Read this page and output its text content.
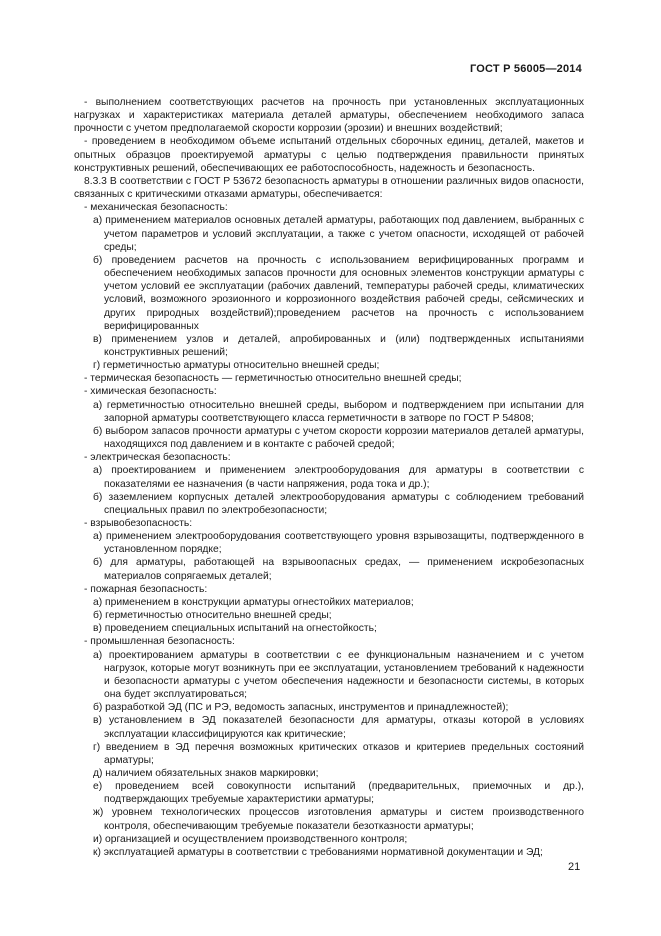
ГОСТ Р 56005—2014
- выполнением соответствующих расчетов на прочность при установленных эксплуатационных нагрузках и характеристиках материала деталей арматуры, обеспечением необходимого запаса прочности с учетом предполагаемой скорости коррозии (эрозии) и внешних воздействий;
- проведением в необходимом объеме испытаний отдельных сборочных единиц, деталей, макетов и опытных образцов проектируемой арматуры с целью подтверждения правильности принятых конструктивных решений, обеспечивающих ее работоспособность, надежность и безопасность.
8.3.3 В соответствии с ГОСТ Р 53672 безопасность арматуры в отношении различных видов опасности, связанных с критическими отказами арматуры, обеспечивается:
- механическая безопасность:
а) применением материалов основных деталей арматуры, работающих под давлением, выбранных с учетом параметров и условий эксплуатации, а также с учетом опасности, исходящей от рабочей среды;
б) проведением расчетов на прочность с использованием верифицированных программ и обеспечением необходимых запасов прочности для основных элементов конструкции арматуры с учетом условий ее эксплуатации (рабочих давлений, температуры рабочей среды, климатических условий, возможного эрозионного и коррозионного воздействия рабочей среды, сейсмических и других природных воздействий);проведением расчетов на прочность с использованием верифицированных
в) применением узлов и деталей, апробированных и (или) подтвержденных испытаниями конструктивных решений;
г) герметичностью арматуры относительно внешней среды;
- термическая безопасность — герметичностью относительно внешней среды;
- химическая безопасность:
а) герметичностью относительно внешней среды, выбором и подтверждением при испытании для запорной арматуры соответствующего класса герметичности в затворе по ГОСТ Р 54808;
б) выбором запасов прочности арматуры с учетом скорости коррозии материалов деталей арматуры, находящихся под давлением и в контакте с рабочей средой;
- электрическая безопасность:
а) проектированием и применением электрооборудования для арматуры в соответствии с показателями ее назначения (в части напряжения, рода тока и др.);
б) заземлением корпусных деталей электрооборудования арматуры с соблюдением требований специальных правил по электробезопасности;
- взрывобезопасность:
а) применением электрооборудования соответствующего уровня взрывозащиты, подтвержденного в установленном порядке;
б) для арматуры, работающей на взрывоопасных средах, — применением искробезопасных материалов сопрягаемых деталей;
- пожарная безопасность:
а) применением в конструкции арматуры огнестойких материалов;
б) герметичностью относительно внешней среды;
в) проведением специальных испытаний на огнестойкость;
- промышленная безопасность:
а) проектированием арматуры в соответствии с ее функциональным назначением и с учетом нагрузок, которые могут возникнуть при ее эксплуатации, установлением требований к надежности и безопасности арматуры с учетом обеспечения надежности и безопасности системы, в которых она будет эксплуатироваться;
б) разработкой ЭД (ПС и РЭ, ведомость запасных, инструментов и принадлежностей);
в) установлением в ЭД показателей безопасности для арматуры, отказы которой в условиях эксплуатации классифицируются как критические;
г) введением в ЭД перечня возможных критических отказов и критериев предельных состояний арматуры;
д) наличием обязательных знаков маркировки;
е) проведением всей совокупности испытаний (предварительных, приемочных и др.), подтверждающих требуемые характеристики арматуры;
ж) уровнем технологических процессов изготовления арматуры и систем производственного контроля, обеспечивающим требуемые показатели безотказности арматуры;
и) организацией и осуществлением производственного контроля;
к) эксплуатацией арматуры в соответствии с требованиями нормативной документации и ЭД;
21
